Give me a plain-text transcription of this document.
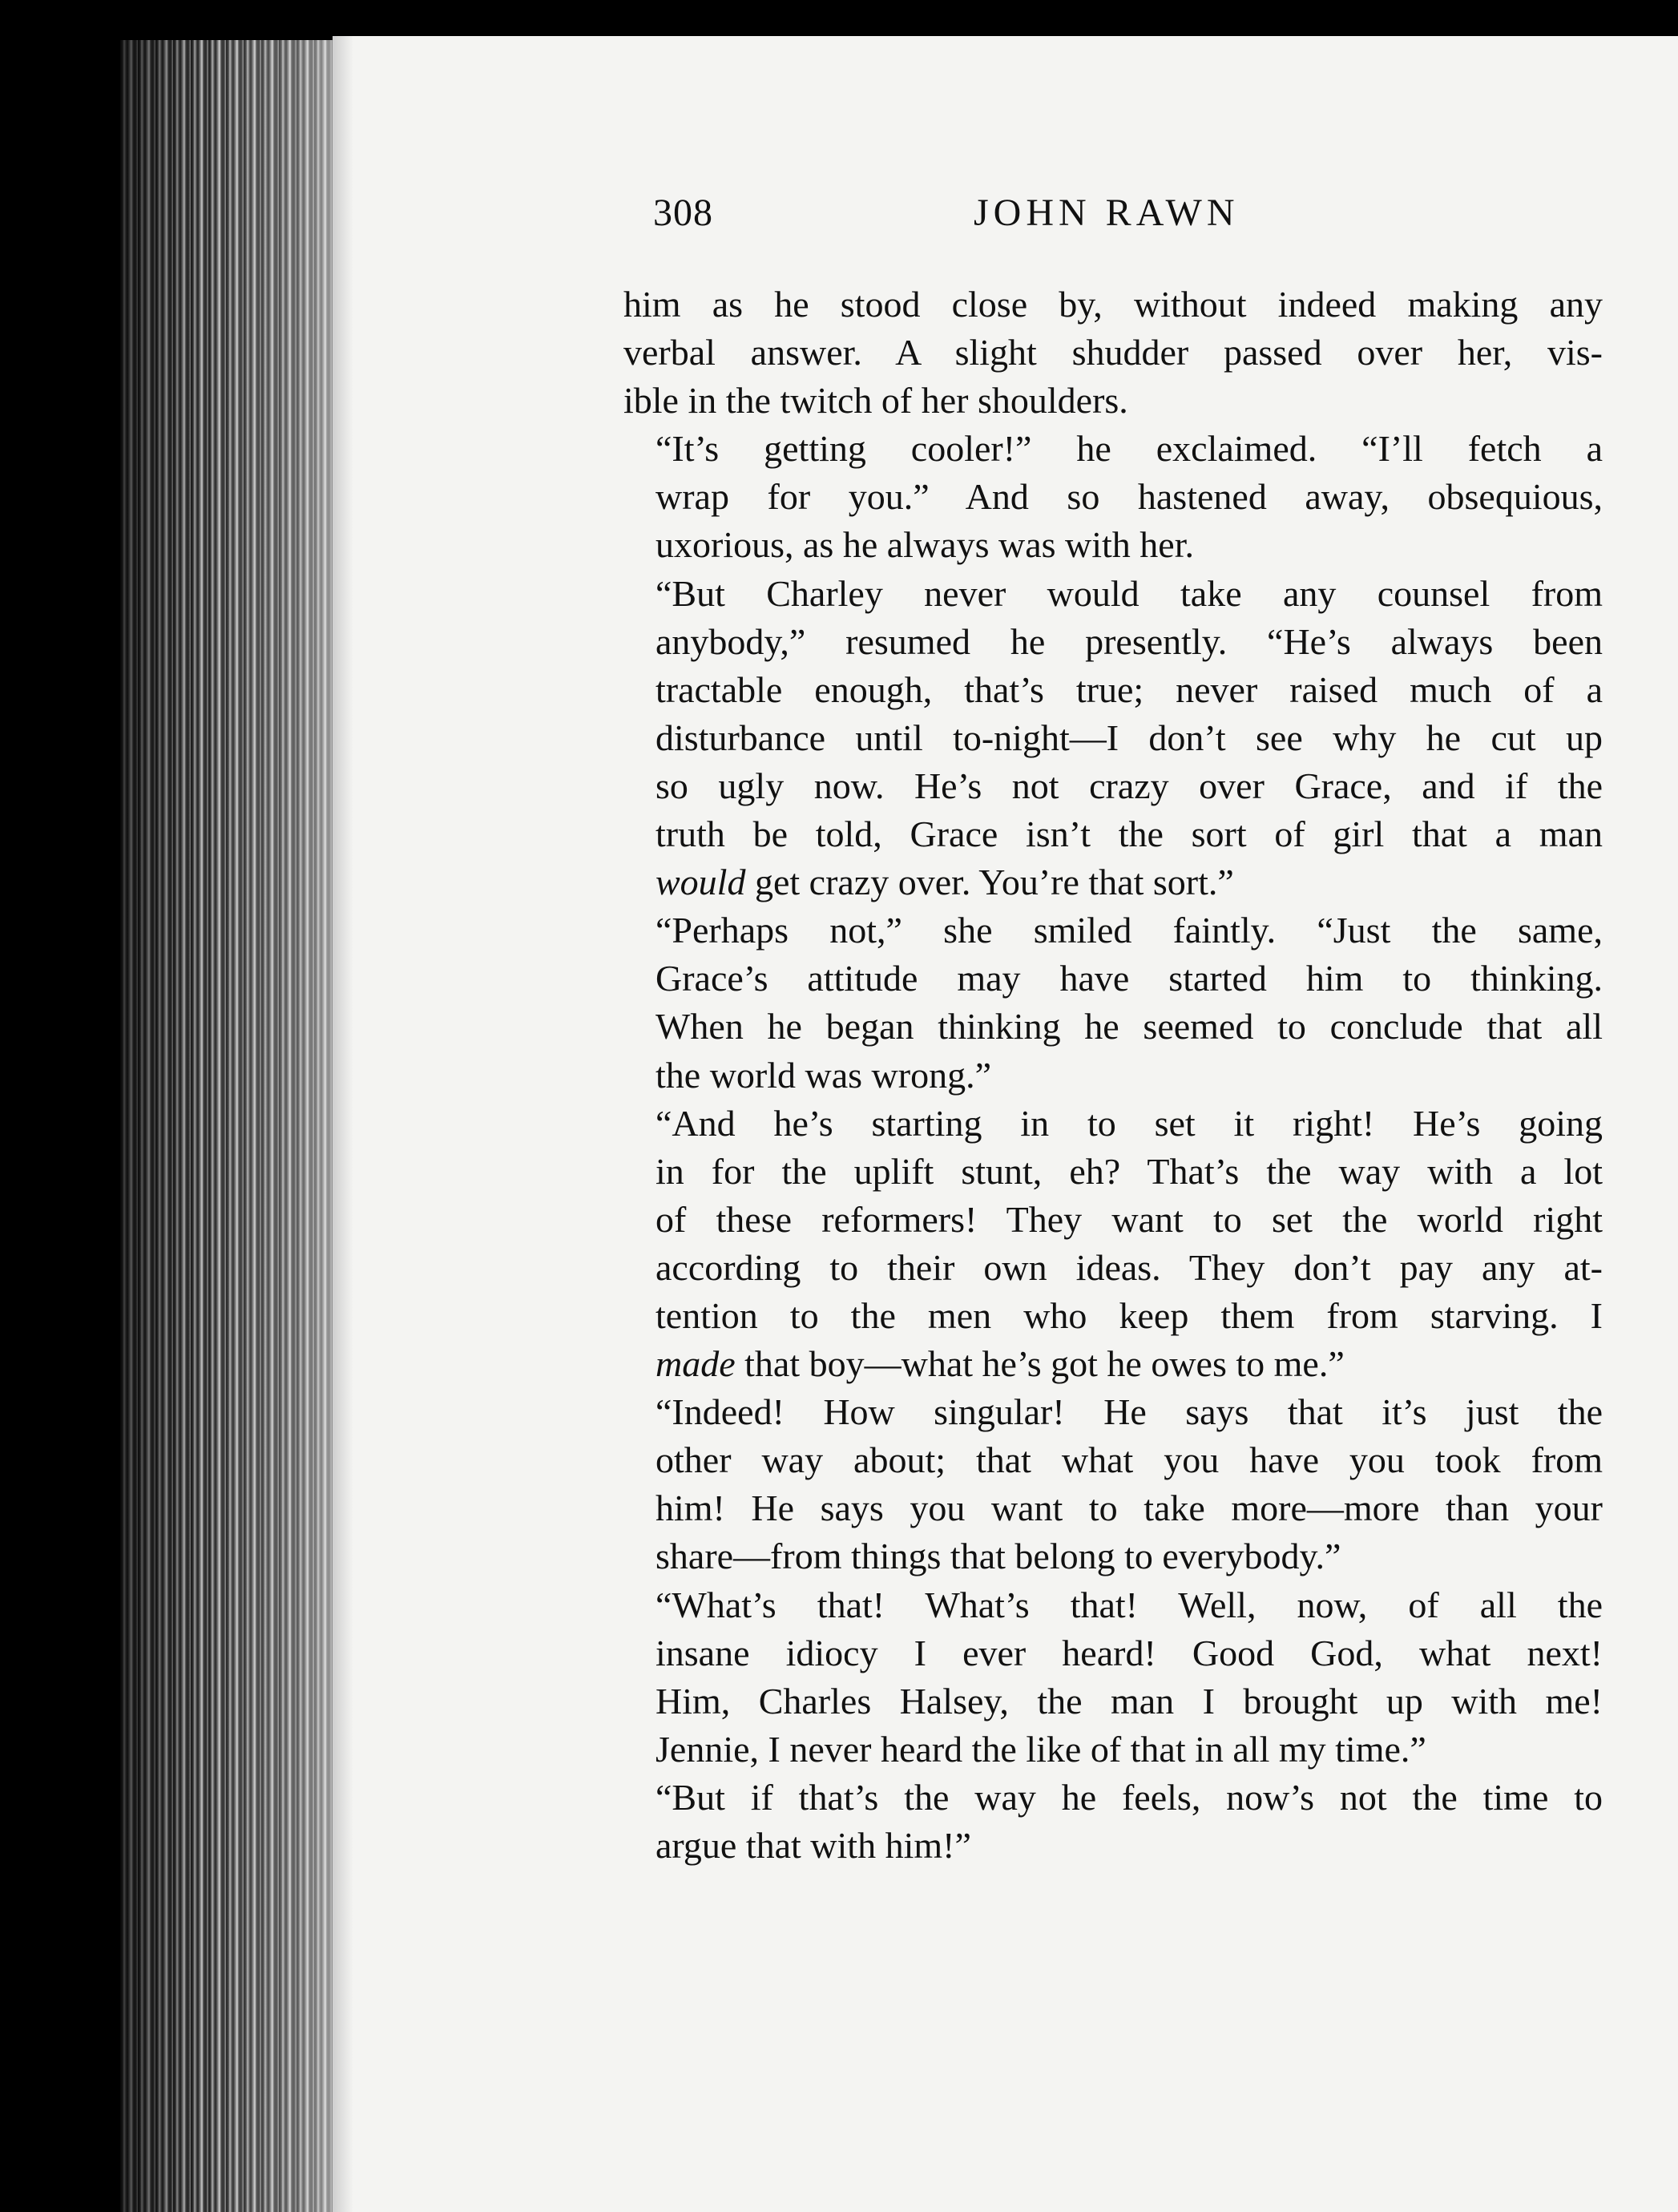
308	JOHN RAWN

him as he stood close by, without indeed making any
verbal answer. A slight shudder passed over her, vis-
ible in the twitch of her shoulders.

“It’s getting cooler!” he exclaimed. “I’ll fetch a
wrap for you.” And so hastened away, obsequious,
uxorious, as he always was with her.

“But Charley never would take any counsel from
anybody,” resumed he presently. “He’s always been
tractable enough, that’s true; never raised much of a
disturbance until to-night—I don’t see why he cut up
so ugly now. He’s not crazy over Grace, and if the
truth be told, Grace isn’t the sort of girl that a man
would get crazy over. You’re that sort.”

“Perhaps not,” she smiled faintly. “Just the same,
Grace’s attitude may have started him to thinking.
When he began thinking he seemed to conclude that all
the world was wrong.”

“And he’s starting in to set it right! He’s going
in for the uplift stunt, eh? That’s the way with a lot
of these reformers! They want to set the world right
according to their own ideas. They don’t pay any at-
tention to the men who keep them from starving. I
made that boy—what he’s got he owes to me.”

“Indeed! How singular! He says that it’s just the
other way about; that what you have you took from
him! He says you want to take more—more than your
share—from things that belong to everybody.”

“What’s that! What’s that! Well, now, of all the
insane idiocy I ever heard! Good God, what next!
Him, Charles Halsey, the man I brought up with me!
Jennie, I never heard the like of that in all my time.”

“But if that’s the way he feels, now’s not the time to
argue that with him!”
